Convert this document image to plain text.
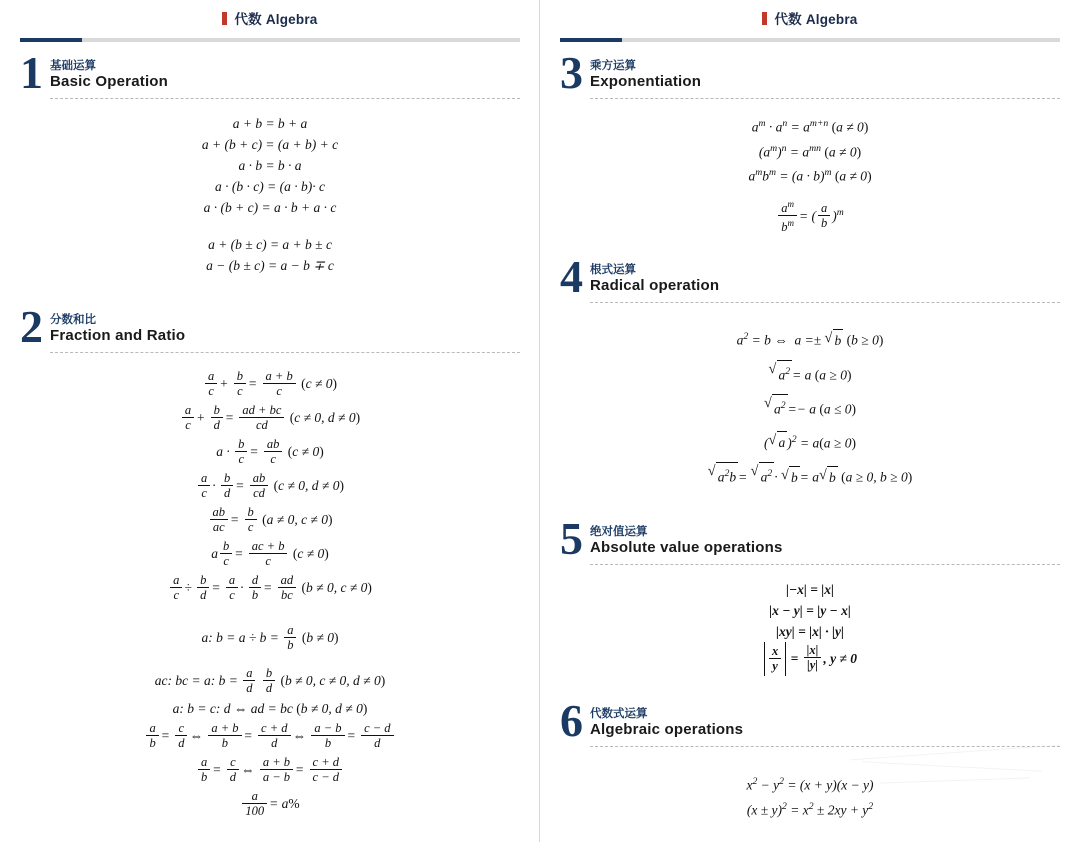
代数 Algebra
1 基础运算
Basic Operation
a + b = b + a
a + (b + c) = (a + b) + c
a · b = b · a
a · (b · c) = (a · b)· c
a · (b + c) = a · b + a · c
a + (b ± c) = a + b ± c
a − (b ± c) = a − b ∓ c
2 分数和比
Fraction and Ratio
$\frac{a}{c} + \frac{b}{c} = \frac{a + b}{c} (c \ne 0)$
$\frac{a}{c} + \frac{b}{d} = \frac{ad + bc}{cd} (c \ne 0$, d ≠ 0)
$a \cdot \frac{b}{c} = \frac{ab}{c} (c \ne 0)$
$\frac{a}{c} \cdot \frac{b}{d} = \frac{ab}{cd} (c \ne 0$, d ≠ 0)
$\frac{ab}{ac} = \frac{b}{c} (a \ne 0$, c ≠ 0)
a $\frac{b}{c} = \frac{ac + b}{c} (c \ne 0)$
$\frac{a}{c} \div \frac{b}{d} = \frac{a}{c} \cdot \frac{d}{b} = \frac{ad}{bc} (b \ne 0$, c ≠ 0)
a: $b = a \div b = \frac{a}{b} (b \ne 0)$
ac: bc = a: $b = \frac{a}{d}$
$\frac{b}{d} (b \ne 0$, c ≠ 0, d ≠ 0)
a: b = c: d ⇔ ad = bc (b ≠ 0, d ≠ 0)
$\frac{a}{b} = \frac{c}{d}$ ⇔ $\frac{a + b}{b} = \frac{c + d}{d}$ ⇔ $\frac{a - b}{b} = \frac{c - d}{d}$
$\frac{a}{b} = \frac{c}{d}$ ⇔ $\frac{a + b}{a - b} = \frac{c + d}{c - d}$
$\frac{a}{100} = a\%$
代数 Algebra
3 乘方运算
Exponentiation
$a^m \cdot a^n = a^{m+n}$ (a ≠ 0)
$(a^m)^n = a^{mn}$ (a ≠ 0)
$a^mb^m = (a \cdot b)^m$ (a ≠ 0)
$\frac{a^m}{b^m}$ = ( $\frac{a}{b} )^m$
4 根式运算
Radical operation
$a^2 = b$ ⇔  a =± √ b (b ≥ 0)
√ $a^2 = a$ (a ≥ 0)
√ $a^2 =- a$ (a ≤ 0)
( √ a )$^2$ = a(a ≥ 0)
√ $a^2b$ = √ $a^2$ · √ b = a √ b (a ≥ 0, b ≥ 0)
5 绝对值运算
Absolute value operations
|−x| = |x|
|x − y| = |y − x|
|xy| = |x| · |y|
$\frac{x}{y} = \frac{|x|}{|y|}$ , y ≠ 0
6 代数式运算
Algebraic operations
$x^2 - y^2 = (x + y)(x - y)$
$(x \pm y)^2 = x^2 \pm 2xy + y^2$
